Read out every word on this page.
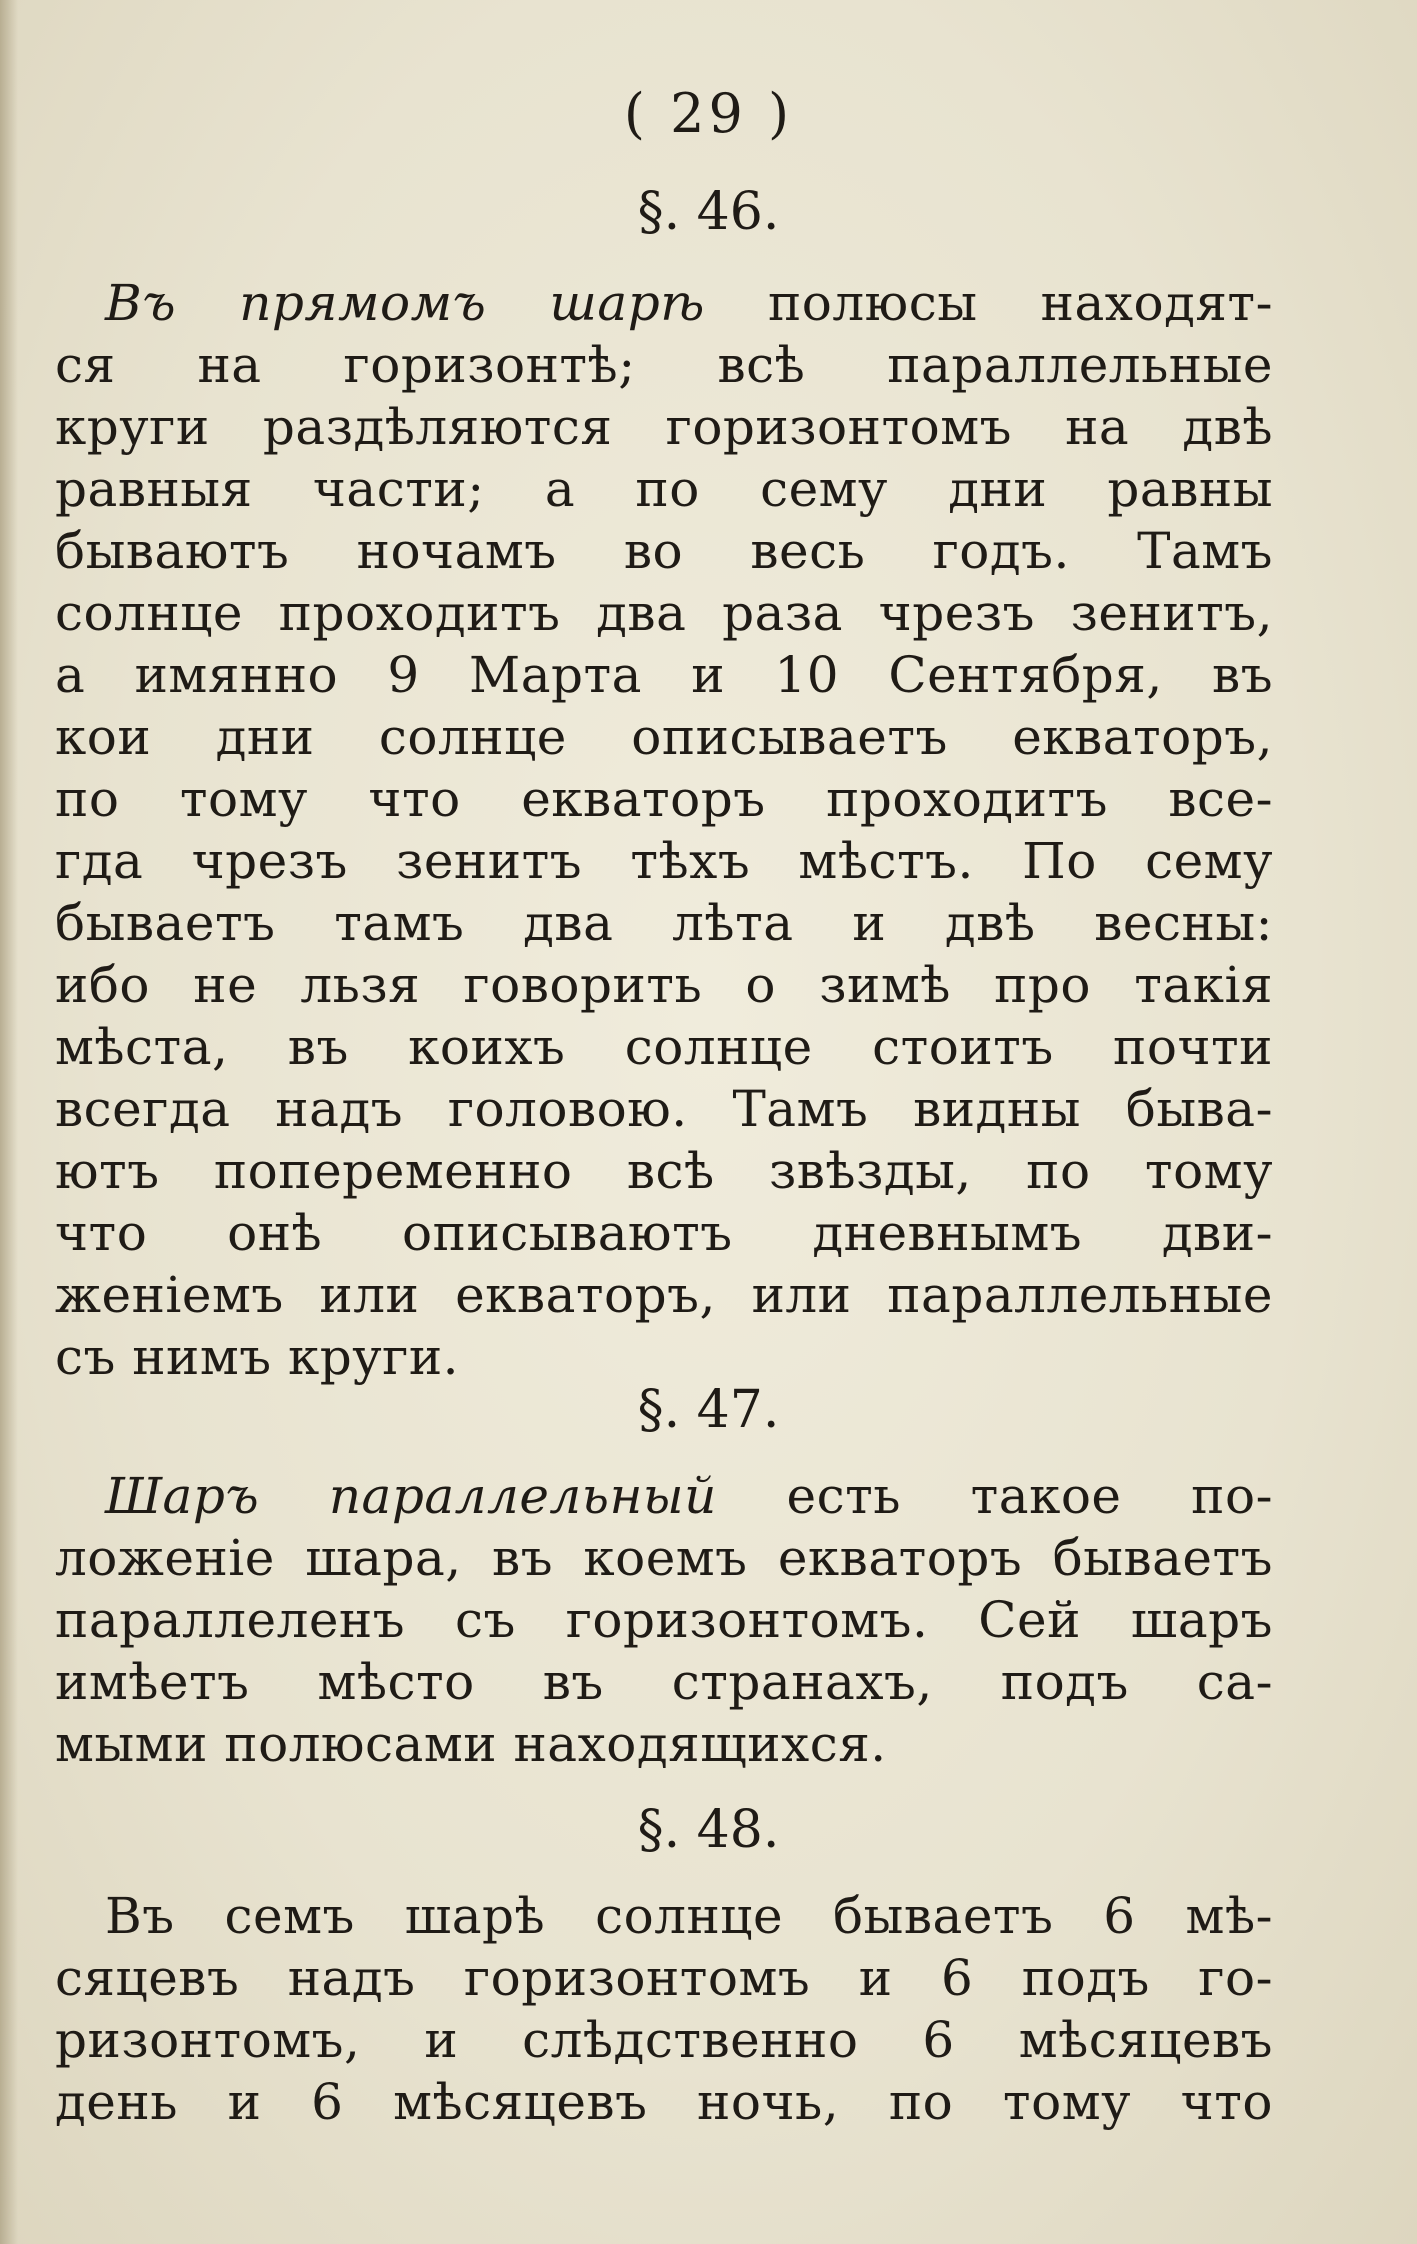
( 29 )
§. 46.
Въ прямомъ шарѣ полюсы находят-
ся на горизонтѣ; всѣ параллельные
круги раздѣляются горизонтомъ на двѣ
равныя части; а по сему дни равны
бываютъ ночамъ во весь годъ. Тамъ
солнце проходитъ два раза чрезъ зенитъ,
а имянно 9 Марта и 10 Сентября, въ
кои дни солнце описываетъ екваторъ,
по тому что екваторъ проходитъ все-
гда чрезъ зенитъ тѣхъ мѣстъ. По сему
бываетъ тамъ два лѣта и двѣ весны:
ибо не льзя говорить о зимѣ про такія
мѣста, въ коихъ солнце стоитъ почти
всегда надъ головою. Тамъ видны быва-
ютъ попеременно всѣ звѣзды, по тому
что онѣ описываютъ дневнымъ дви-
женіемъ или екваторъ, или параллельные
съ нимъ круги.
§. 47.
Шаръ параллельный есть такое по-
ложеніе шара, въ коемъ екваторъ бываетъ
параллеленъ съ горизонтомъ. Сей шаръ
имѣетъ мѣсто въ странахъ, подъ са-
мыми полюсами находящихся.
§. 48.
Въ семъ шарѣ солнце бываетъ 6 мѣ-
сяцевъ надъ горизонтомъ и 6 подъ го-
ризонтомъ, и слѣдственно 6 мѣсяцевъ
день и 6 мѣсяцевъ ночь, по тому что
